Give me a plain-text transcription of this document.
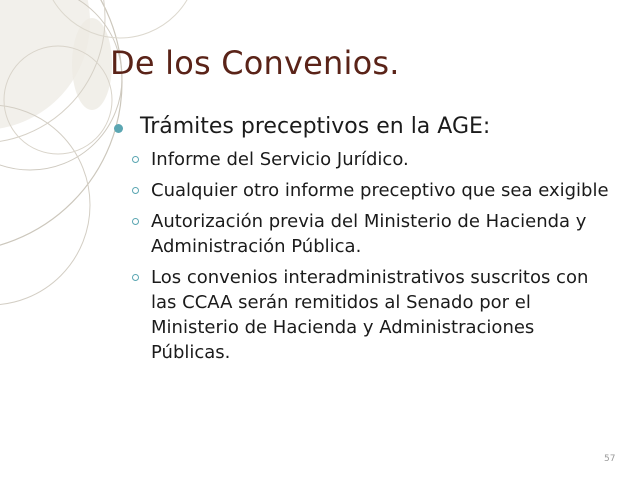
De los Convenios.
Trámites preceptivos en la AGE:
Informe del Servicio Jurídico.
Cualquier otro informe preceptivo que sea exigible
Autorización previa del Ministerio de Hacienda y Administración Pública.
Los convenios interadministrativos suscritos con las CCAA serán remitidos al Senado por el Ministerio de Hacienda y Administraciones Públicas.
57
